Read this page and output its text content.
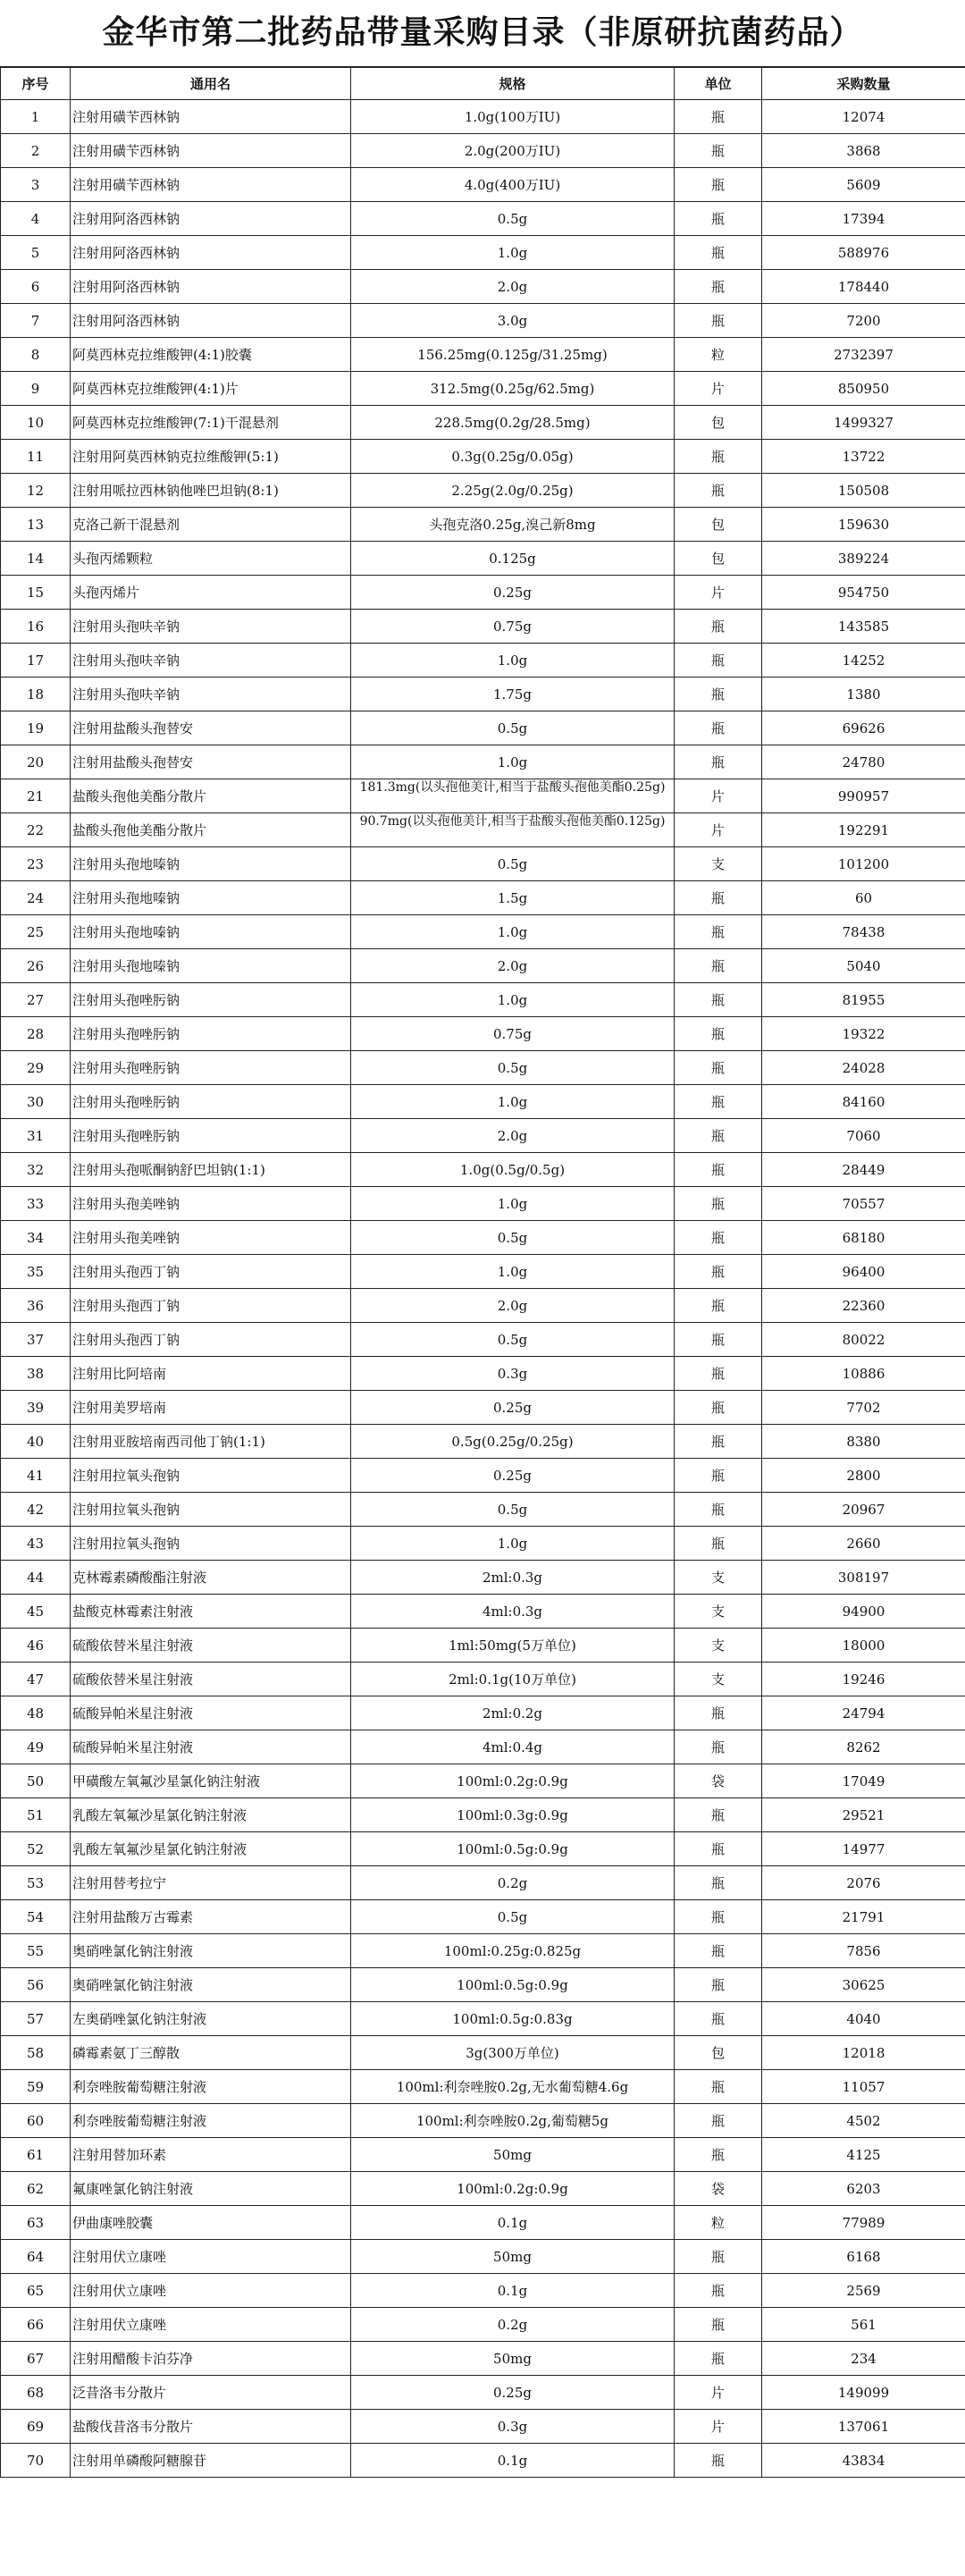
金华市第二批药品带量采购目录（非原研抗菌药品）
序号	通用名	规格	单位	采购数量
1	注射用磺苄西林钠	1.0g(100万IU)	瓶	12074
2	注射用磺苄西林钠	2.0g(200万IU)	瓶	3868
3	注射用磺苄西林钠	4.0g(400万IU)	瓶	5609
4	注射用阿洛西林钠	0.5g	瓶	17394
5	注射用阿洛西林钠	1.0g	瓶	588976
6	注射用阿洛西林钠	2.0g	瓶	178440
7	注射用阿洛西林钠	3.0g	瓶	7200
8	阿莫西林克拉维酸钾(4:1)胶囊	156.25mg(0.125g/31.25mg)	粒	2732397
9	阿莫西林克拉维酸钾(4:1)片	312.5mg(0.25g/62.5mg)	片	850950
10	阿莫西林克拉维酸钾(7:1)干混悬剂	228.5mg(0.2g/28.5mg)	包	1499327
11	注射用阿莫西林钠克拉维酸钾(5:1)	0.3g(0.25g/0.05g)	瓶	13722
12	注射用哌拉西林钠他唑巴坦钠(8:1)	2.25g(2.0g/0.25g)	瓶	150508
13	克洛己新干混悬剂	头孢克洛0.25g,溴己新8mg	包	159630
14	头孢丙烯颗粒	0.125g	包	389224
15	头孢丙烯片	0.25g	片	954750
16	注射用头孢呋辛钠	0.75g	瓶	143585
17	注射用头孢呋辛钠	1.0g	瓶	14252
18	注射用头孢呋辛钠	1.75g	瓶	1380
19	注射用盐酸头孢替安	0.5g	瓶	69626
20	注射用盐酸头孢替安	1.0g	瓶	24780
21	盐酸头孢他美酯分散片	181.3mg(以头孢他美计,相当于盐酸头孢他美酯0.25g)	片	990957
22	盐酸头孢他美酯分散片	90.7mg(以头孢他美计,相当于盐酸头孢他美酯0.125g)	片	192291
23	注射用头孢地嗪钠	0.5g	支	101200
24	注射用头孢地嗪钠	1.5g	瓶	60
25	注射用头孢地嗪钠	1.0g	瓶	78438
26	注射用头孢地嗪钠	2.0g	瓶	5040
27	注射用头孢唑肟钠	1.0g	瓶	81955
28	注射用头孢唑肟钠	0.75g	瓶	19322
29	注射用头孢唑肟钠	0.5g	瓶	24028
30	注射用头孢唑肟钠	1.0g	瓶	84160
31	注射用头孢唑肟钠	2.0g	瓶	7060
32	注射用头孢哌酮钠舒巴坦钠(1:1)	1.0g(0.5g/0.5g)	瓶	28449
33	注射用头孢美唑钠	1.0g	瓶	70557
34	注射用头孢美唑钠	0.5g	瓶	68180
35	注射用头孢西丁钠	1.0g	瓶	96400
36	注射用头孢西丁钠	2.0g	瓶	22360
37	注射用头孢西丁钠	0.5g	瓶	80022
38	注射用比阿培南	0.3g	瓶	10886
39	注射用美罗培南	0.25g	瓶	7702
40	注射用亚胺培南西司他丁钠(1:1)	0.5g(0.25g/0.25g)	瓶	8380
41	注射用拉氧头孢钠	0.25g	瓶	2800
42	注射用拉氧头孢钠	0.5g	瓶	20967
43	注射用拉氧头孢钠	1.0g	瓶	2660
44	克林霉素磷酸酯注射液	2ml:0.3g	支	308197
45	盐酸克林霉素注射液	4ml:0.3g	支	94900
46	硫酸依替米星注射液	1ml:50mg(5万单位)	支	18000
47	硫酸依替米星注射液	2ml:0.1g(10万单位)	支	19246
48	硫酸异帕米星注射液	2ml:0.2g	瓶	24794
49	硫酸异帕米星注射液	4ml:0.4g	瓶	8262
50	甲磺酸左氧氟沙星氯化钠注射液	100ml:0.2g:0.9g	袋	17049
51	乳酸左氧氟沙星氯化钠注射液	100ml:0.3g:0.9g	瓶	29521
52	乳酸左氧氟沙星氯化钠注射液	100ml:0.5g:0.9g	瓶	14977
53	注射用替考拉宁	0.2g	瓶	2076
54	注射用盐酸万古霉素	0.5g	瓶	21791
55	奥硝唑氯化钠注射液	100ml:0.25g:0.825g	瓶	7856
56	奥硝唑氯化钠注射液	100ml:0.5g:0.9g	瓶	30625
57	左奥硝唑氯化钠注射液	100ml:0.5g:0.83g	瓶	4040
58	磷霉素氨丁三醇散	3g(300万单位)	包	12018
59	利奈唑胺葡萄糖注射液	100ml:利奈唑胺0.2g,无水葡萄糖4.6g	瓶	11057
60	利奈唑胺葡萄糖注射液	100ml:利奈唑胺0.2g,葡萄糖5g	瓶	4502
61	注射用替加环素	50mg	瓶	4125
62	氟康唑氯化钠注射液	100ml:0.2g:0.9g	袋	6203
63	伊曲康唑胶囊	0.1g	粒	77989
64	注射用伏立康唑	50mg	瓶	6168
65	注射用伏立康唑	0.1g	瓶	2569
66	注射用伏立康唑	0.2g	瓶	561
67	注射用醋酸卡泊芬净	50mg	瓶	234
68	泛昔洛韦分散片	0.25g	片	149099
69	盐酸伐昔洛韦分散片	0.3g	片	137061
70	注射用单磷酸阿糖腺苷	0.1g	瓶	43834
